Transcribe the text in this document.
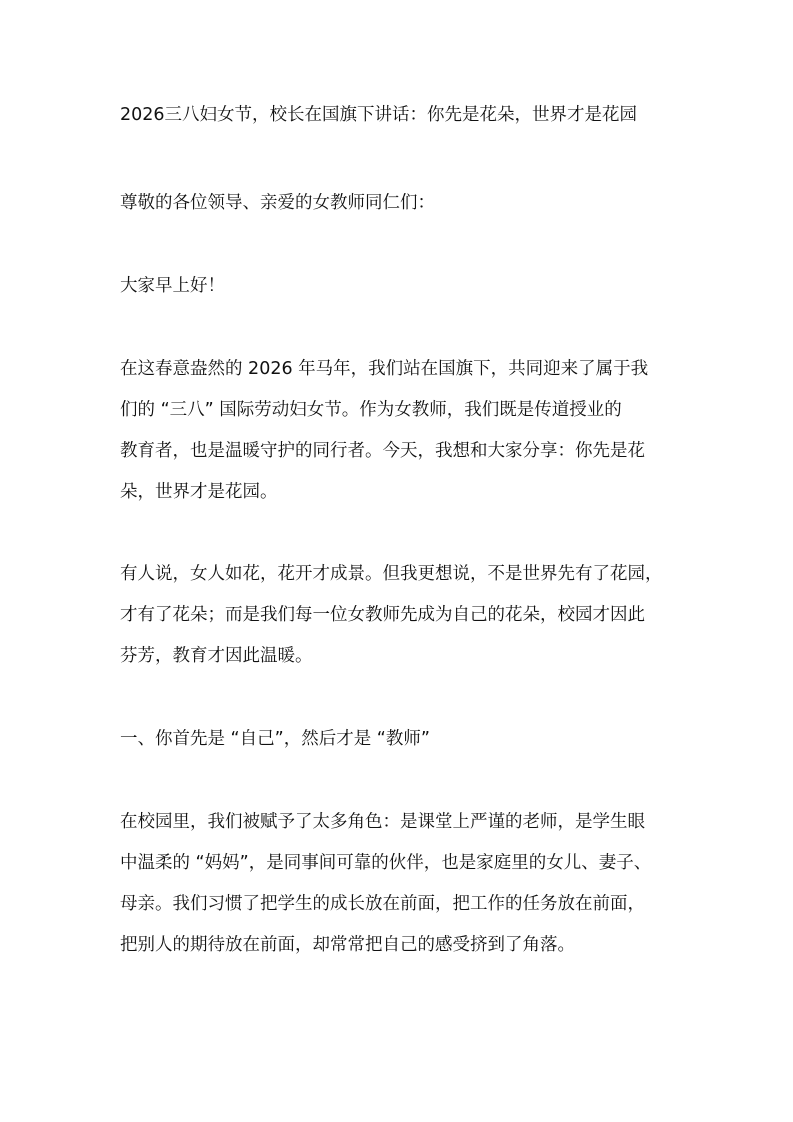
2026三八妇女节，校长在国旗下讲话：你先是花朵，世界才是花园
尊敬的各位领导、亲爱的女教师同仁们：
大家早上好！
在这春意盎然的 2026 年马年，我们站在国旗下，共同迎来了属于我
们的 “三八” 国际劳动妇女节。作为女教师，我们既是传道授业的
教育者，也是温暖守护的同行者。今天，我想和大家分享：你先是花
朵，世界才是花园。
有人说，女人如花，花开才成景。但我更想说，不是世界先有了花园，
才有了花朵；而是我们每一位女教师先成为自己的花朵，校园才因此
芬芳，教育才因此温暖。
一、你首先是 “自己”，然后才是 “教师”
在校园里，我们被赋予了太多角色：是课堂上严谨的老师，是学生眼
中温柔的 “妈妈”，是同事间可靠的伙伴，也是家庭里的女儿、妻子、
母亲。我们习惯了把学生的成长放在前面，把工作的任务放在前面，
把别人的期待放在前面，却常常把自己的感受挤到了角落。
